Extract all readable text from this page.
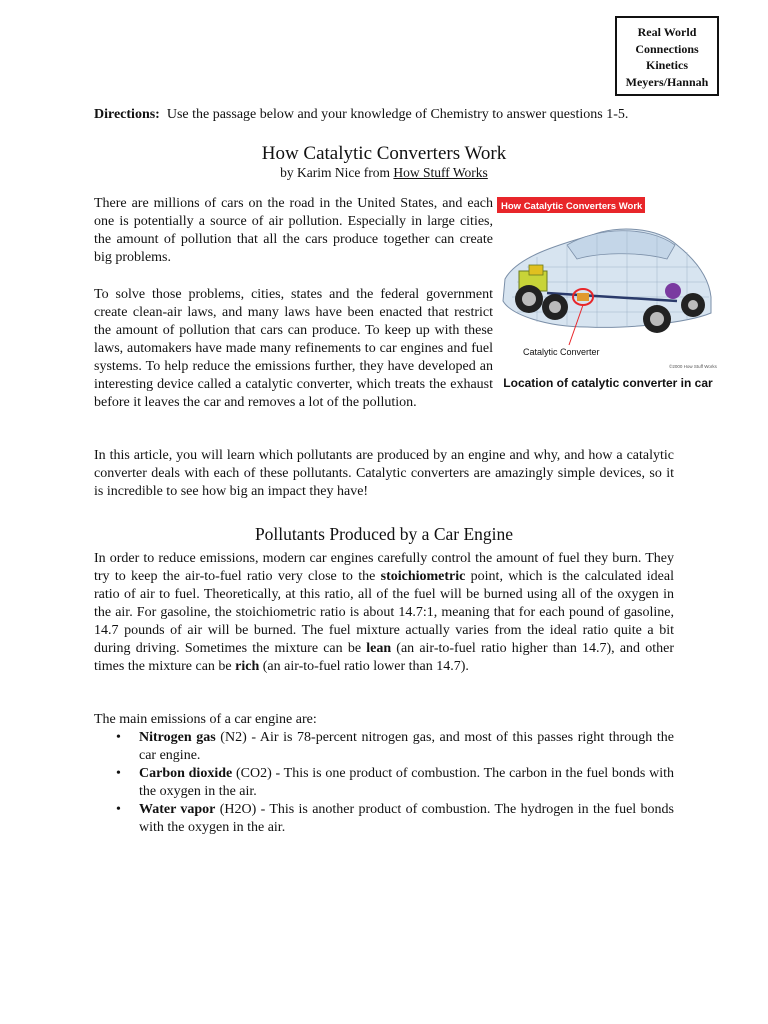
Real World
Connections
Kinetics
Meyers/Hannah
Directions: Use the passage below and your knowledge of Chemistry to answer questions 1-5.
How Catalytic Converters Work
by Karim Nice from How Stuff Works
There are millions of cars on the road in the United States, and each one is potentially a source of air pollution. Especially in large cities, the amount of pollution that all the cars produce together can create big problems.
To solve those problems, cities, states and the federal government create clean-air laws, and many laws have been enacted that restrict the amount of pollution that cars can produce. To keep up with these laws, automakers have made many refinements to car engines and fuel systems. To help reduce the emissions further, they have developed an interesting device called a catalytic converter, which treats the exhaust before it leaves the car and removes a lot of the pollution.
How Catalytic Converters Work
Catalytic Converter
©2000 How Stuff Works
Location of catalytic converter in car
In this article, you will learn which pollutants are produced by an engine and why, and how a catalytic converter deals with each of these pollutants. Catalytic converters are amazingly simple devices, so it is incredible to see how big an impact they have!
Pollutants Produced by a Car Engine
In order to reduce emissions, modern car engines carefully control the amount of fuel they burn. They try to keep the air-to-fuel ratio very close to the stoichiometric point, which is the calculated ideal ratio of air to fuel. Theoretically, at this ratio, all of the fuel will be burned using all of the oxygen in the air. For gasoline, the stoichiometric ratio is about 14.7:1, meaning that for each pound of gasoline, 14.7 pounds of air will be burned. The fuel mixture actually varies from the ideal ratio quite a bit during driving. Sometimes the mixture can be lean (an air-to-fuel ratio higher than 14.7), and other times the mixture can be rich (an air-to-fuel ratio lower than 14.7).
The main emissions of a car engine are:
• Nitrogen gas (N2) - Air is 78-percent nitrogen gas, and most of this passes right through the car engine.
• Carbon dioxide (CO2) - This is one product of combustion. The carbon in the fuel bonds with the oxygen in the air.
• Water vapor (H2O) - This is another product of combustion. The hydrogen in the fuel bonds with the oxygen in the air.
